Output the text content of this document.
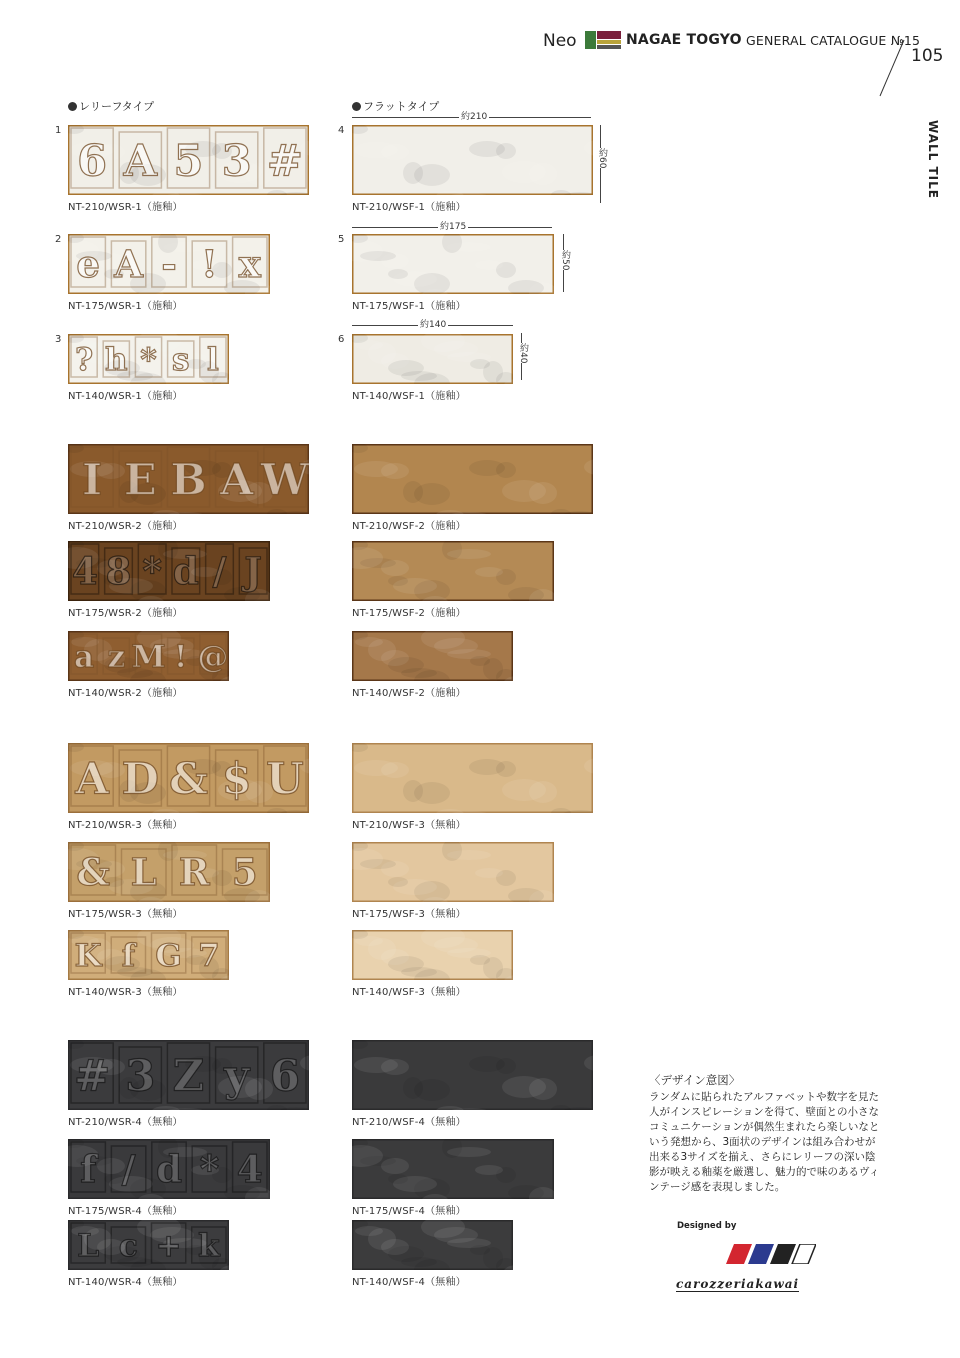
Neo	NAGAE TOGYO GENERAL CATALOGUE №15
105
WALL TILE
レリーフタイプ	フラットタイプ
1
2
3
4
5
6
約210
約60
約175
約50
約140
約40
6 A 5 3 #
NT-210/WSR-1（施釉）	NT-210/WSF-1（施釉）
e A - ! x
NT-175/WSR-1（施釉）	NT-175/WSF-1（施釉）
? h * s l
NT-140/WSR-1（施釉）	NT-140/WSF-1（施釉）
I E B A W
NT-210/WSR-2（施釉）	NT-210/WSF-2（施釉）
4 8 * d / J
NT-175/WSR-2（施釉）	NT-175/WSF-2（施釉）
a z M ! @
NT-140/WSR-2（施釉）	NT-140/WSF-2（施釉）
A D & $ U
NT-210/WSR-3（無釉）	NT-210/WSF-3（無釉）
& L R 5
NT-175/WSR-3（無釉）	NT-175/WSF-3（無釉）
K f G 7
NT-140/WSR-3（無釉）	NT-140/WSF-3（無釉）
# 3 Z y 6
NT-210/WSR-4（無釉）	NT-210/WSF-4（無釉）
f / d * 4
NT-175/WSR-4（無釉）	NT-175/WSF-4（無釉）
L c + k
NT-140/WSR-4（無釉）	NT-140/WSF-4（無釉）
〈デザイン意図〉
ランダムに貼られたアルファベットや数字を見た人がインスピレーションを得て、壁面との小さなコミュニケーションが偶然生まれたら楽しいなという発想から、3面状のデザインは組み合わせが出来る3サイズを揃え、さらにレリーフの深い陰影が映える釉薬を厳選し、魅力的で味のあるヴィンテージ感を表現しました。
Designed by
carozzeriakawai
